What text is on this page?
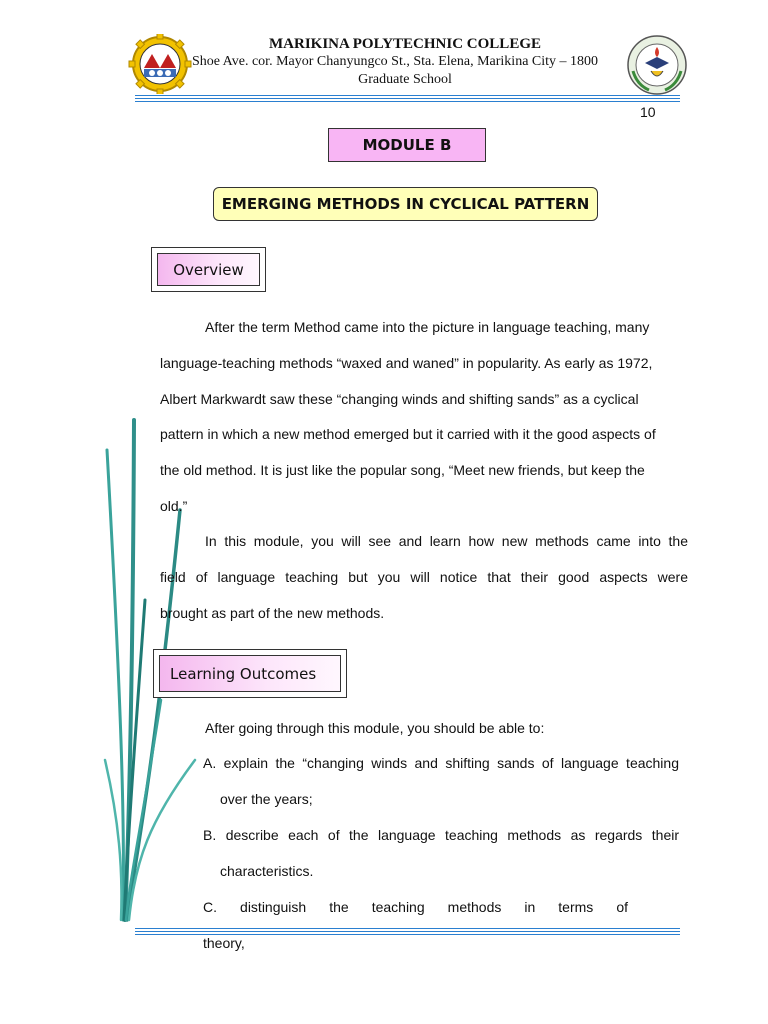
MARIKINA POLYTECHNIC COLLEGE
Shoe Ave. cor. Mayor Chanyungco St., Sta. Elena, Marikina City – 1800
Graduate School
10
MODULE B
EMERGING METHODS IN CYCLICAL PATTERN
Overview
After the term Method came into the picture in language teaching, many
language-teaching methods “waxed and waned” in popularity. As early as 1972,
Albert Markwardt saw these “changing winds and shifting sands” as a cyclical
pattern in which a new method emerged but it carried with it the good aspects of
the old method. It is just like the popular song, “Meet new friends, but keep the
old.”
In this module, you will see and learn how new methods came into the
field of language teaching but you will notice that their good aspects were
brought as part of the new methods.
Learning Outcomes
After going through this module, you should be able to:
A. explain the “changing winds and shifting sands of language teaching
over the years;
B. describe each of the language teaching methods as regards their
characteristics.
C. distinguish the teaching methods in terms of theory,
